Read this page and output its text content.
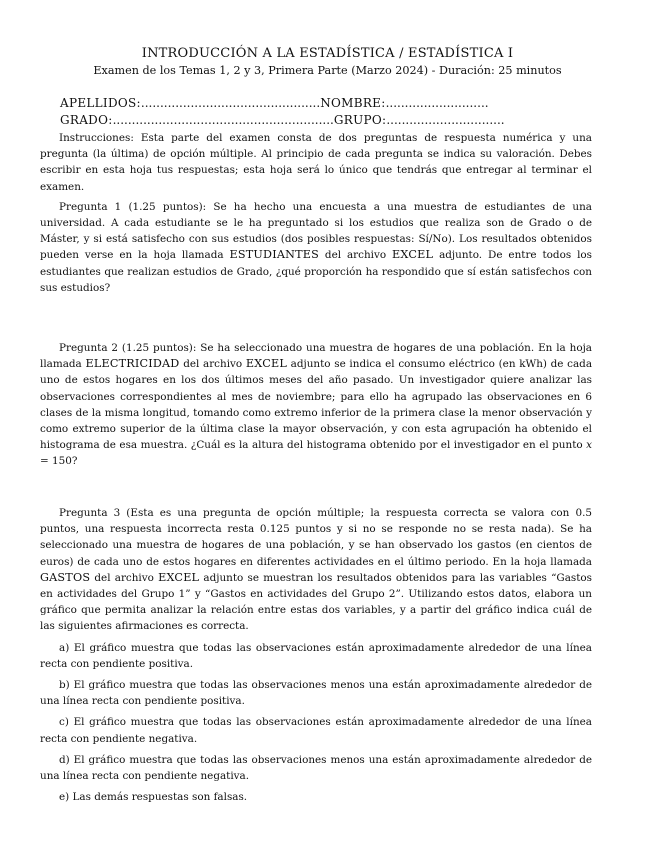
INTRODUCCIÓN A LA ESTADÍSTICA / ESTADÍSTICA I
Examen de los Temas 1, 2 y 3, Primera Parte (Marzo 2024) - Duración: 25 minutos
APELLIDOS:...............................................NOMBRE:...........................
GRADO:..........................................................GRUPO:...............................

Instrucciones: Esta parte del examen consta de dos preguntas de respuesta numérica y una pregunta (la última) de opción múltiple. Al principio de cada pregunta se indica su valoración. Debes escribir en esta hoja tus respuestas; esta hoja será lo único que tendrás que entregar al terminar el examen.

Pregunta 1 (1.25 puntos): Se ha hecho una encuesta a una muestra de estudiantes de una universidad. A cada estudiante se le ha preguntado si los estudios que realiza son de Grado o de Máster, y si está satisfecho con sus estudios (dos posibles respuestas: Sí/No). Los resultados obtenidos pueden verse en la hoja llamada ESTUDIANTES del archivo EXCEL adjunto. De entre todos los estudiantes que realizan estudios de Grado, ¿qué proporción ha respondido que sí están satisfechos con sus estudios?

Pregunta 2 (1.25 puntos): Se ha seleccionado una muestra de hogares de una población. En la hoja llamada ELECTRICIDAD del archivo EXCEL adjunto se indica el consumo eléctrico (en kWh) de cada uno de estos hogares en los dos últimos meses del año pasado. Un investigador quiere analizar las observaciones correspondientes al mes de noviembre; para ello ha agrupado las observaciones en 6 clases de la misma longitud, tomando como extremo inferior de la primera clase la menor observación y como extremo superior de la última clase la mayor observación, y con esta agrupación ha obtenido el histograma de esa muestra. ¿Cuál es la altura del histograma obtenido por el investigador en el punto x = 150?

Pregunta 3 (Esta es una pregunta de opción múltiple; la respuesta correcta se valora con 0.5 puntos, una respuesta incorrecta resta 0.125 puntos y si no se responde no se resta nada). Se ha seleccionado una muestra de hogares de una población, y se han observado los gastos (en cientos de euros) de cada uno de estos hogares en diferentes actividades en el último periodo. En la hoja llamada GASTOS del archivo EXCEL adjunto se muestran los resultados obtenidos para las variables “Gastos en actividades del Grupo 1” y “Gastos en actividades del Grupo 2”. Utilizando estos datos, elabora un gráfico que permita analizar la relación entre estas dos variables, y a partir del gráfico indica cuál de las siguientes afirmaciones es correcta.

a) El gráfico muestra que todas las observaciones están aproximadamente alrededor de una línea recta con pendiente positiva.

b) El gráfico muestra que todas las observaciones menos una están aproximadamente alrededor de una línea recta con pendiente positiva.

c) El gráfico muestra que todas las observaciones están aproximadamente alrededor de una línea recta con pendiente negativa.

d) El gráfico muestra que todas las observaciones menos una están aproximadamente alrededor de una línea recta con pendiente negativa.

e) Las demás respuestas son falsas.
